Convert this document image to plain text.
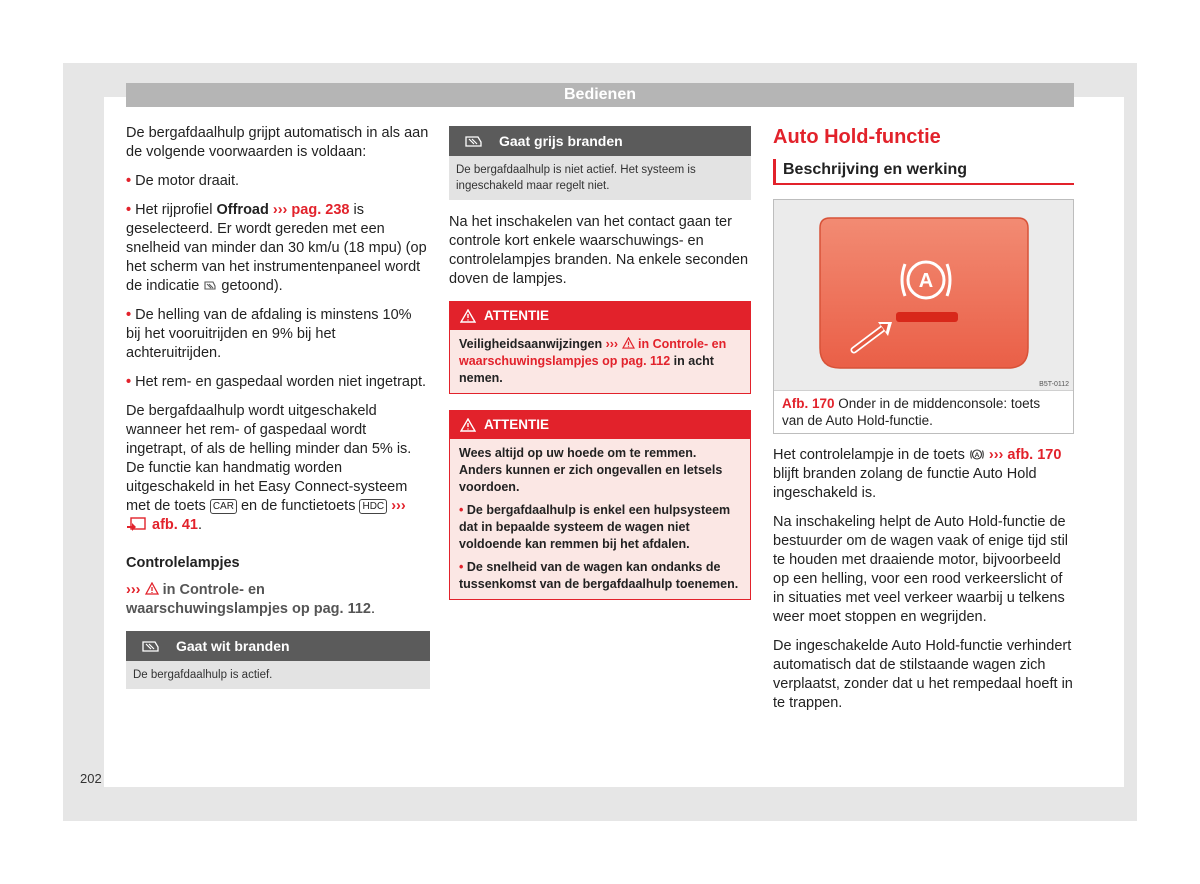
Bedienen

De bergafdaalhulp grijpt automatisch in als aan de volgende voorwaarden is voldaan:

• De motor draait.

• Het rijprofiel Offroad ››› pag. 238 is geselecteerd. Er wordt gereden met een snelheid van minder dan 30 km/u (18 mpu) (op het scherm van het instrumentenpaneel wordt de indicatie  getoond).

• De helling van de afdaling is minstens 10% bij het vooruitrijden en 9% bij het achteruitrijden.

• Het rem- en gaspedaal worden niet ingetrapt.

De bergafdaalhulp wordt uitgeschakeld wanneer het rem- of gaspedaal wordt ingetrapt, of als de helling minder dan 5% is. De functie kan handmatig worden uitgeschakeld in het Easy Connect-systeem met de toets CAR en de functietoets HDC ›››  afb. 41.

Controlelampjes

››› in Controle- en waarschuwingslampjes op pag. 112.

Gaat wit branden
De bergafdaalhulp is actief.
Gaat grijs branden
De bergafdaalhulp is niet actief. Het systeem is ingeschakeld maar regelt niet.

Na het inschakelen van het contact gaan ter controle kort enkele waarschuwings- en controlelampjes branden. Na enkele seconden doven de lampjes.

ATTENTIE
Veiligheidsaanwijzingen ››› in Controle- en waarschuwingslampjes op pag. 112 in acht nemen.
ATTENTIE
Wees altijd op uw hoede om te remmen. Anders kunnen er zich ongevallen en letsels voordoen.
• De bergafdaalhulp is enkel een hulpsysteem dat in bepaalde systeem de wagen niet voldoende kan remmen bij het afdalen.
• De snelheid van de wagen kan ondanks de tussenkomst van de bergafdaalhulp toenemen.
Auto Hold-functie
Beschrijving en werking
A
B5T-0112
Afb. 170 Onder in de middenconsole: toets van de Auto Hold-functie.

Het controlelampje in de toets A ››› afb. 170 blijft branden zolang de functie Auto Hold ingeschakeld is.

Na inschakeling helpt de Auto Hold-functie de bestuurder om de wagen vaak of enige tijd stil te houden met draaiende motor, bijvoorbeeld op een helling, voor een rood verkeerslicht of in situaties met veel verkeer waarbij u telkens weer moet stoppen en wegrijden.

De ingeschakelde Auto Hold-functie verhindert automatisch dat de stilstaande wagen zich verplaatst, zonder dat u het rempedaal hoeft in te trappen.

202
